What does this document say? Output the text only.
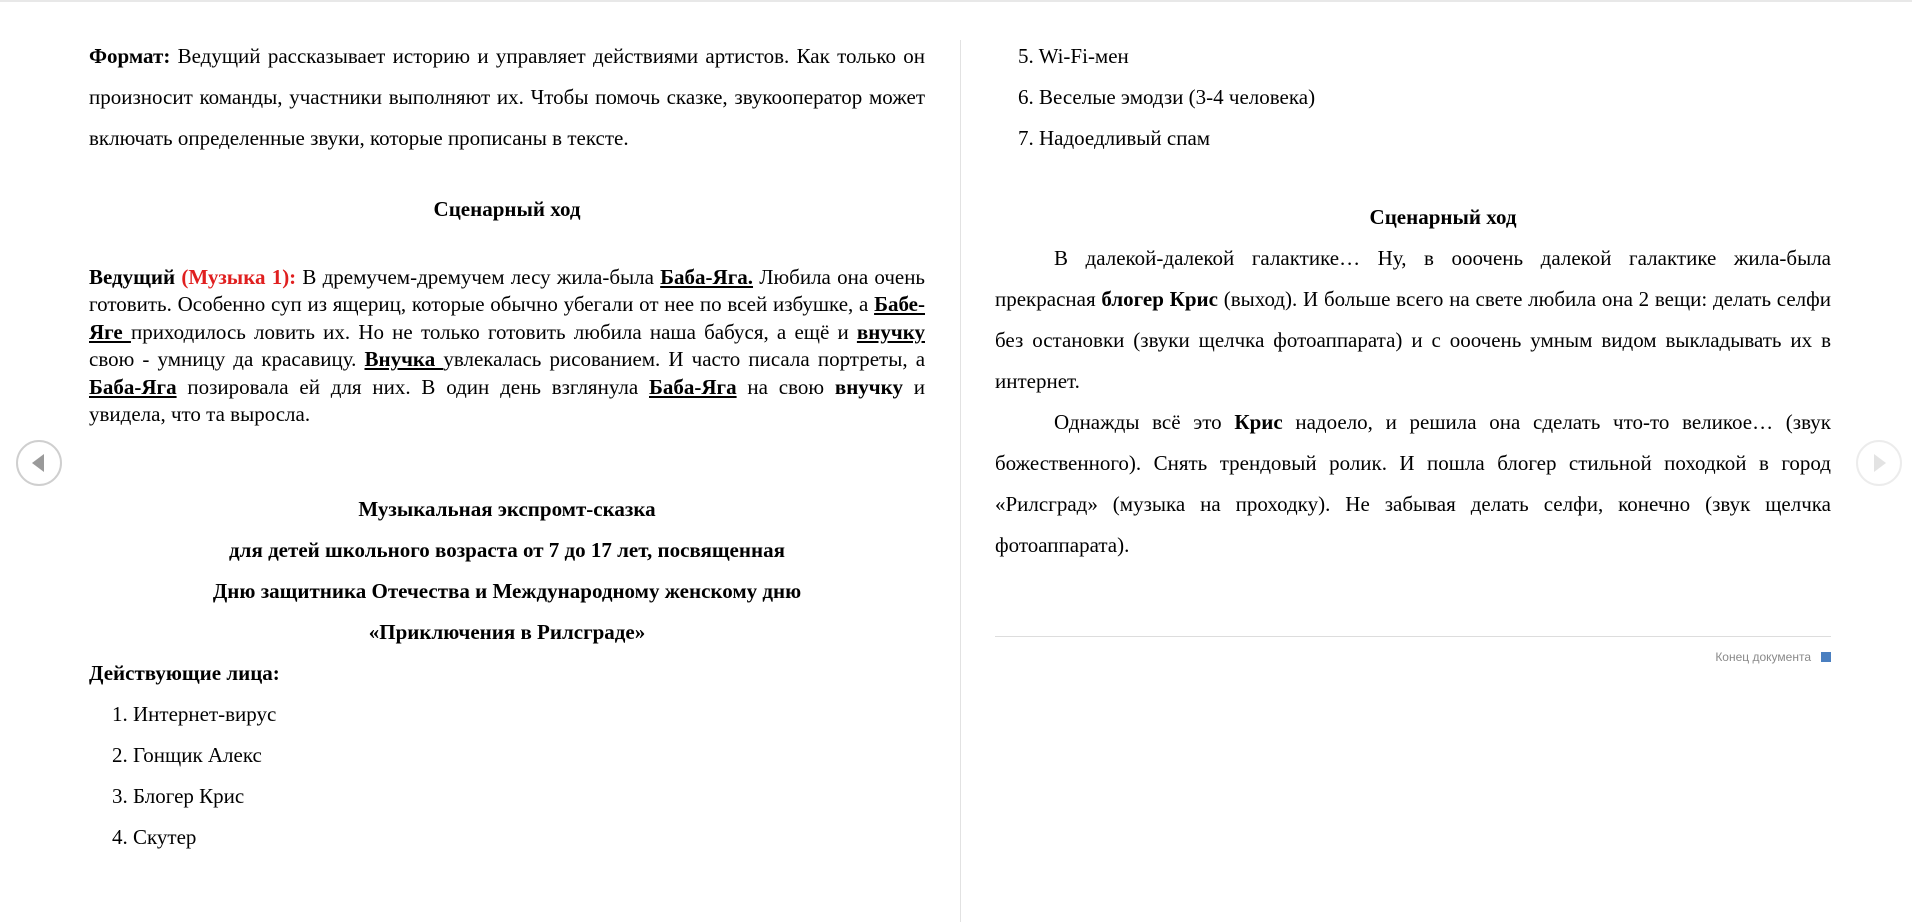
Формат: Ведущий рассказывает историю и управляет действиями артистов. Как только он произносит команды, участники выполняют их. Чтобы помочь сказке, звукооператор может включать определенные звуки, которые прописаны в тексте.

Сценарный ход

Ведущий (Музыка 1): В дремучем-дремучем лесу жила-была Баба-Яга. Любила она очень готовить. Особенно суп из ящериц, которые обычно убегали от нее по всей избушке, а Бабе-Яге приходилось ловить их. Но не только готовить любила наша бабуся, а ещё и внучку свою - умницу да красавицу. Внучка увлекалась рисованием. И часто писала портреты, а Баба-Яга позировала ей для них. В один день взглянула Баба-Яга на свою внучку и увидела, что та выросла.

Музыкальная экспромт-сказка

для детей школьного возраста от 7 до 17 лет, посвященная

Дню защитника Отечества и Международному женскому дню

«Приключения в Рилсграде»

Действующие лица:

1. Интернет-вирус

2. Гонщик Алекс

3. Блогер Крис

4. Скутер

5. Wi-Fi-мен

6. Веселые эмодзи (3-4 человека)

7. Надоедливый спам

Сценарный ход

В далекой-далекой галактике… Ну, в ооочень далекой галактике жила-была прекрасная блогер Крис (выход). И больше всего на свете любила она 2 вещи: делать селфи без остановки (звуки щелчка фотоаппарата) и с ооочень умным видом выкладывать их в интернет.

Однажды всё это Крис надоело, и решила она сделать что-то великое… (звук божественного). Снять трендовый ролик. И пошла блогер стильной походкой в город «Рилсград» (музыка на проходку). Не забывая делать селфи, конечно (звук щелчка фотоаппарата).

Конец документа
